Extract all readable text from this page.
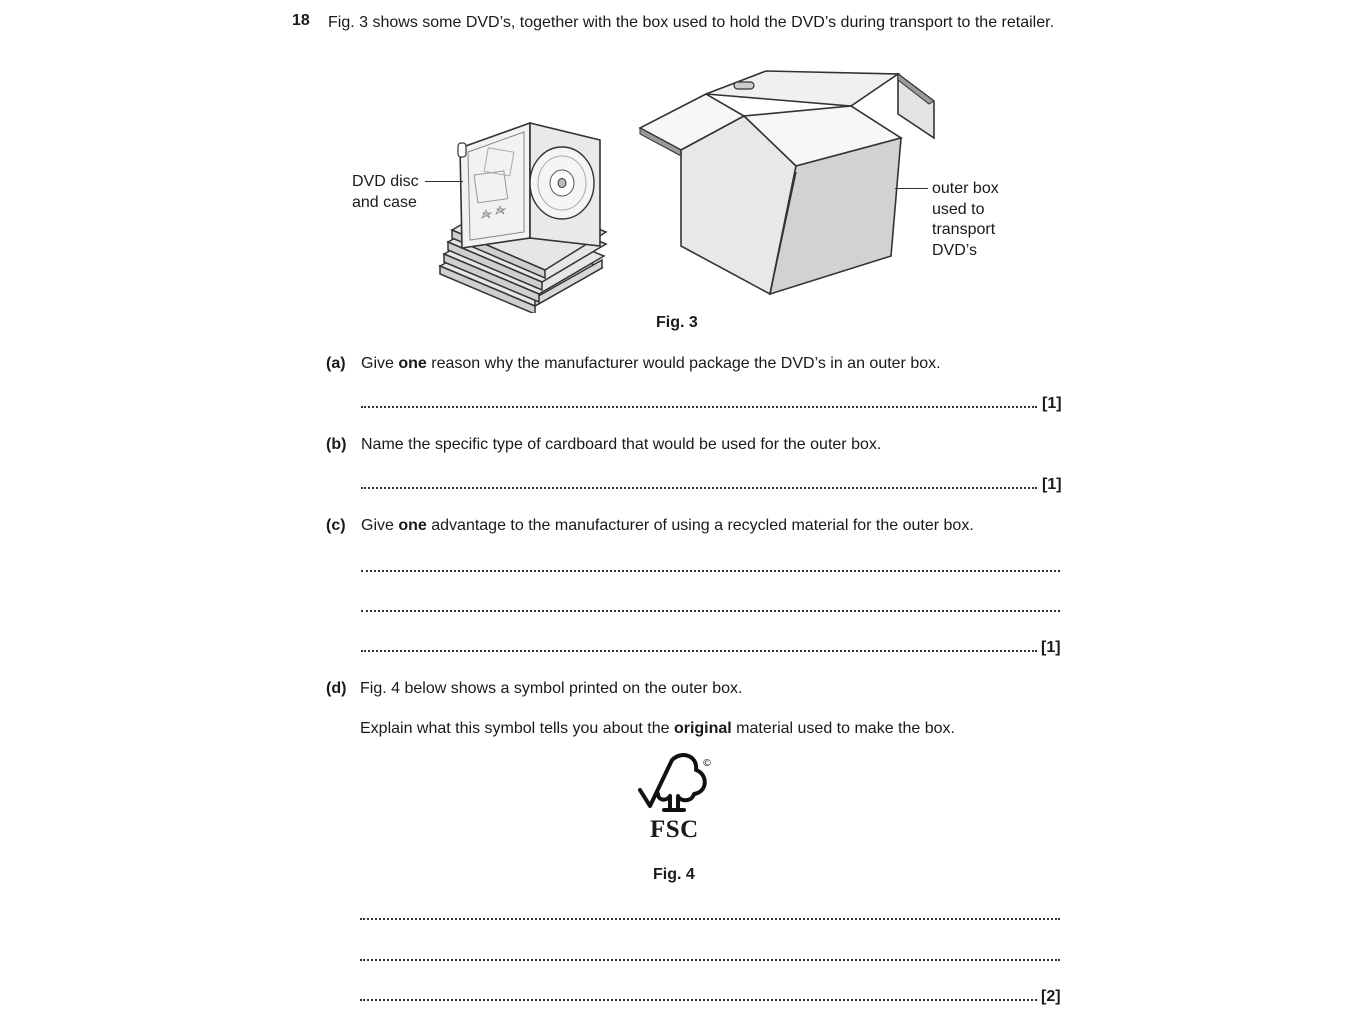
18 Fig. 3 shows some DVD’s, together with the box used to hold the DVD’s during transport to the retailer.
DVD disc
and case
outer box
used to
transport
DVD’s
Fig. 3
(a) Give one reason why the manufacturer would package the DVD’s in an outer box.
[1]
(b) Name the specific type of cardboard that would be used for the outer box.
[1]
(c) Give one advantage to the manufacturer of using a recycled material for the outer box.
[1]
(d) Fig. 4 below shows a symbol printed on the outer box.
Explain what this symbol tells you about the original material used to make the box.
©
FSC
Fig. 4
[2]
